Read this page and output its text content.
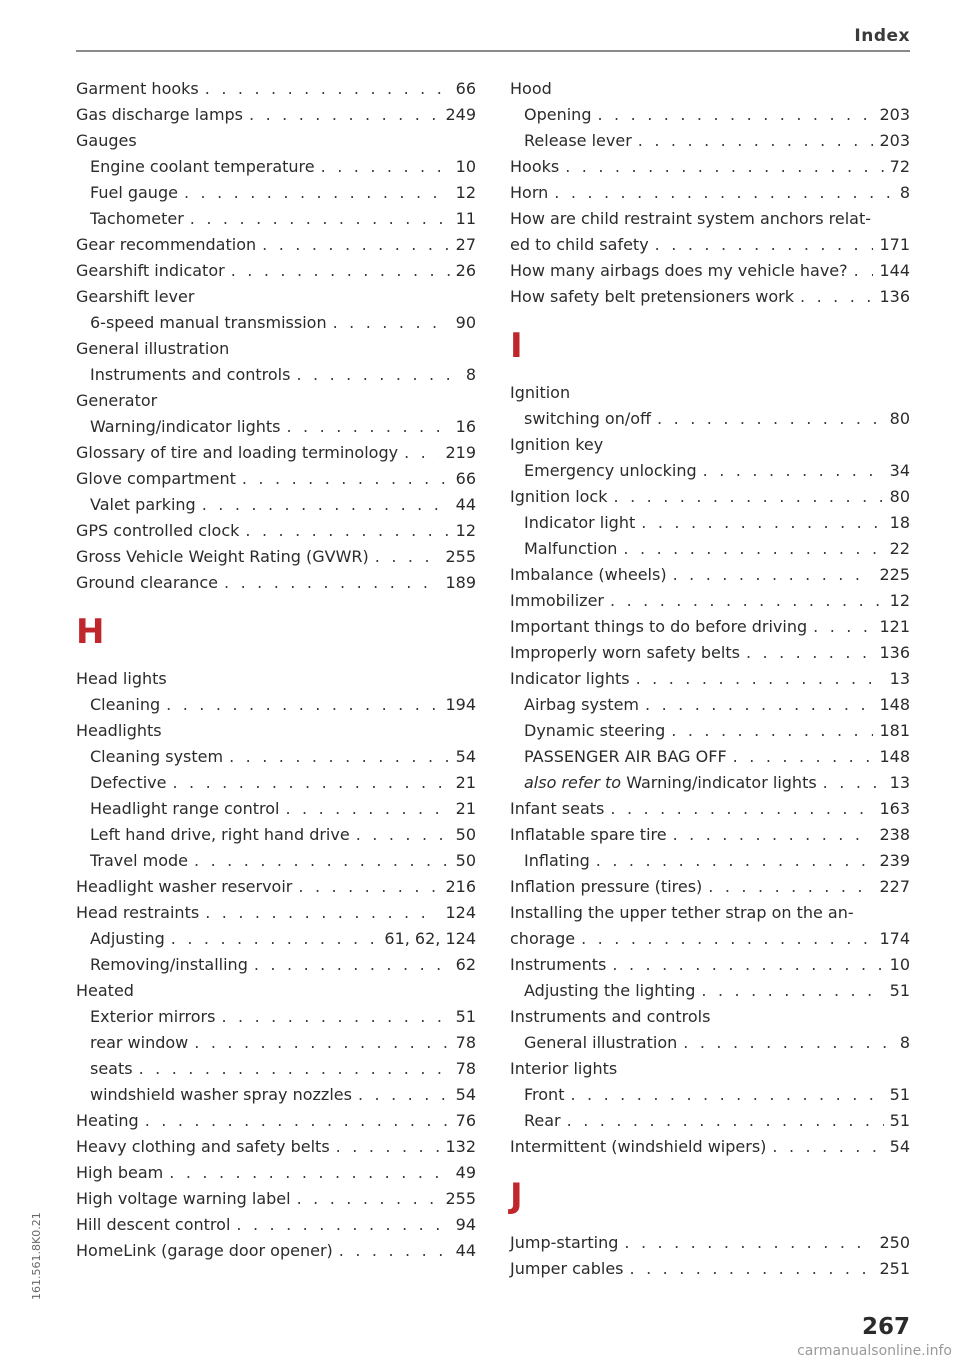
Index
Garment hooks . . .	66
Gas discharge lamps . . .	249
Gauges
Engine coolant temperature . . .	10
Fuel gauge . . .	12
Tachometer . . .	11
Gear recommendation . . .	27
Gearshift indicator . . .	26
Gearshift lever
6-speed manual transmission . . .	90
General illustration
Instruments and controls . . .	8
Generator
Warning/indicator lights . . .	16
Glossary of tire and loading terminology . . .	219
Glove compartment . . .	66
Valet parking . . .	44
GPS controlled clock . . .	12
Gross Vehicle Weight Rating (GVWR) . . .	255
Ground clearance . . .	189
H
Head lights
Cleaning . . .	194
Headlights
Cleaning system . . .	54
Defective . . .	21
Headlight range control . . .	21
Left hand drive, right hand drive . . .	50
Travel mode . . .	50
Headlight washer reservoir . . .	216
Head restraints . . .	124
Adjusting . . .	61, 62, 124
Removing/installing . . .	62
Heated
Exterior mirrors . . .	51
rear window . . .	78
seats . . .	78
windshield washer spray nozzles . . .	54
Heating . . .	76
Heavy clothing and safety belts . . .	132
High beam . . .	49
High voltage warning label . . .	255
Hill descent control . . .	94
HomeLink (garage door opener) . . .	44
Hood
Opening . . .	203
Release lever . . .	203
Hooks . . .	72
Horn . . .	8
How are child restraint system anchors relat-
ed to child safety . . .	171
How many airbags does my vehicle have? . . . 144
How safety belt pretensioners work . . .	136
I
Ignition
switching on/off . . .	80
Ignition key
Emergency unlocking . . .	34
Ignition lock . . .	80
Indicator light . . .	18
Malfunction . . .	22
Imbalance (wheels) . . .	225
Immobilizer . . .	12
Important things to do before driving . . .	121
Improperly worn safety belts . . .	136
Indicator lights . . .	13
Airbag system . . .	148
Dynamic steering . . .	181
PASSENGER AIR BAG OFF . . .	148
also refer to Warning/indicator lights . . .	13
Infant seats . . .	163
Inflatable spare tire . . .	238
Inflating . . .	239
Inflation pressure (tires) . . .	227
Installing the upper tether strap on the an-
chorage . . .	174
Instruments . . .	10
Adjusting the lighting . . .	51
Instruments and controls
General illustration . . .	8
Interior lights
Front . . .	51
Rear . . .	51
Intermittent (windshield wipers) . . .	54
J
Jump-starting . . .	250
Jumper cables . . .	251
161.561.8K0.21
267
carmanualsonline.info
